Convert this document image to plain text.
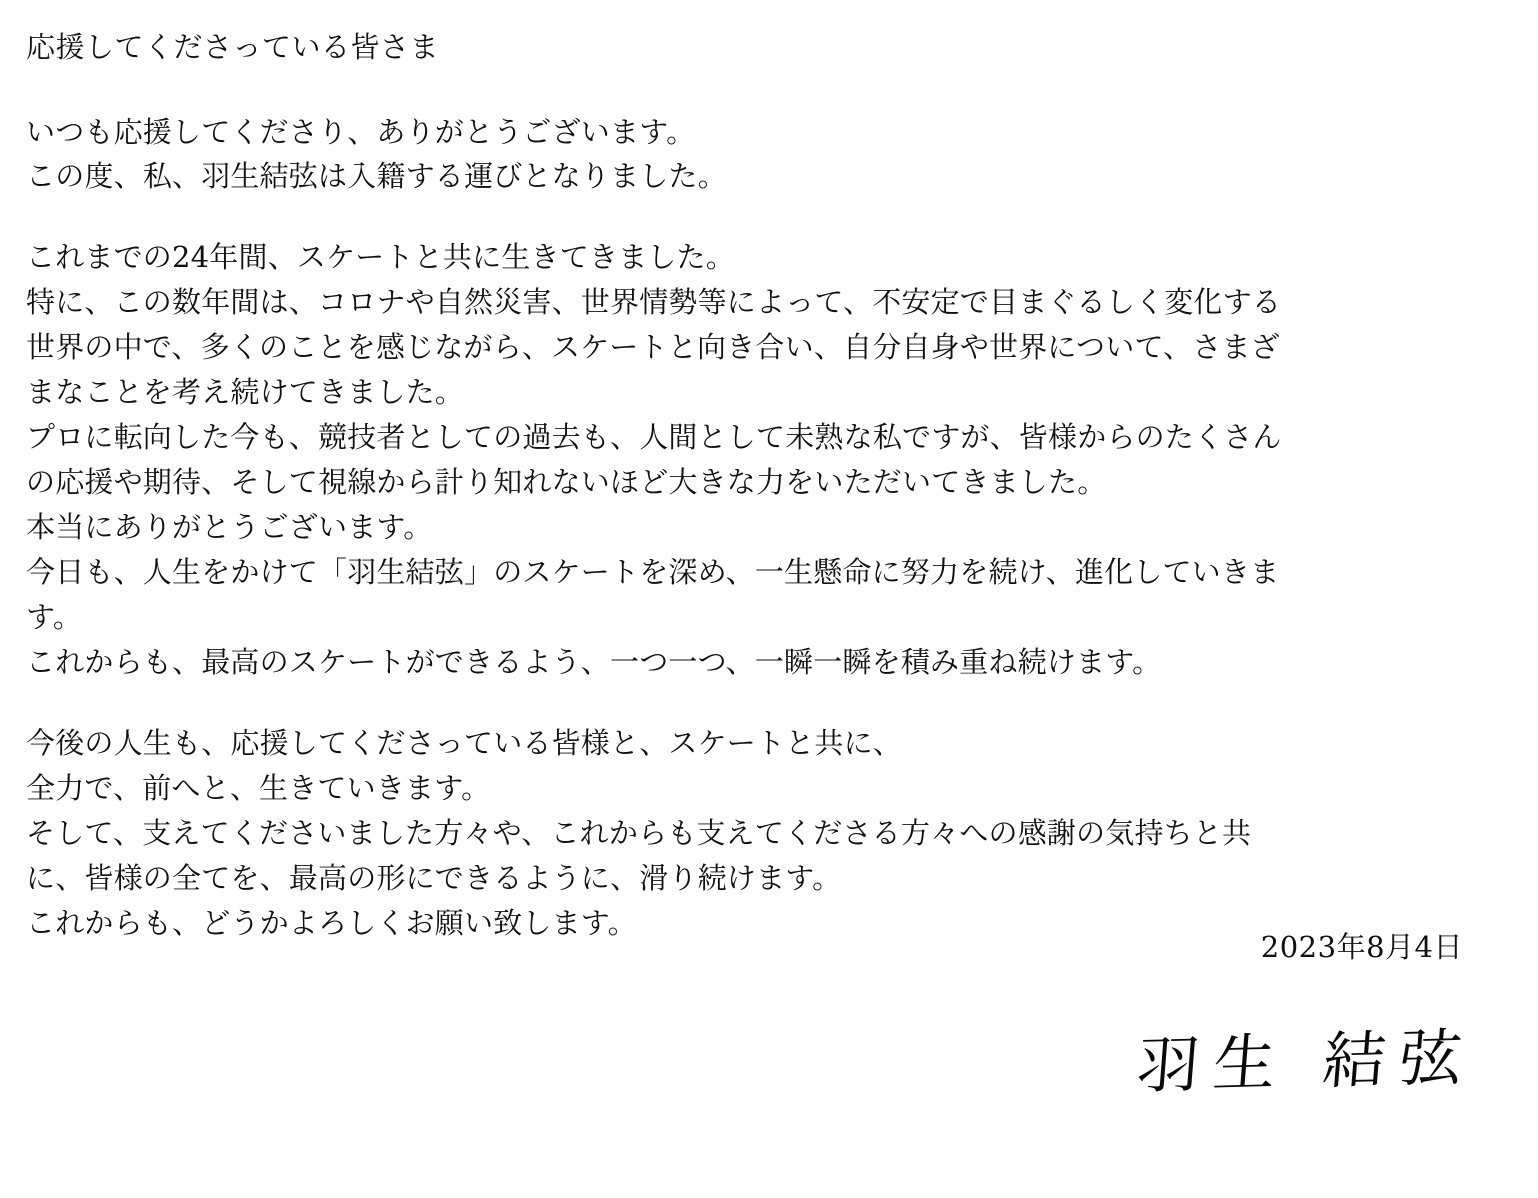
応援してくださっている皆さま
いつも応援してくださり、ありがとうございます。
この度、私、羽生結弦は入籍する運びとなりました。
これまでの24年間、スケートと共に生きてきました。
特に、この数年間は、コロナや自然災害、世界情勢等によって、不安定で目まぐるしく変化する
世界の中で、多くのことを感じながら、スケートと向き合い、自分自身や世界について、さまざ
まなことを考え続けてきました。
プロに転向した今も、競技者としての過去も、人間として未熟な私ですが、皆様からのたくさん
の応援や期待、そして視線から計り知れないほど大きな力をいただいてきました。
本当にありがとうございます。
今日も、人生をかけて「羽生結弦」のスケートを深め、一生懸命に努力を続け、進化していきま
す。
これからも、最高のスケートができるよう、一つ一つ、一瞬一瞬を積み重ね続けます。
今後の人生も、応援してくださっている皆様と、スケートと共に、
全力で、前へと、生きていきます。
そして、支えてくださいました方々や、これからも支えてくださる方々への感謝の気持ちと共
に、皆様の全てを、最高の形にできるように、滑り続けます。
これからも、どうかよろしくお願い致します。
2023年8月4日
羽生 結弦
